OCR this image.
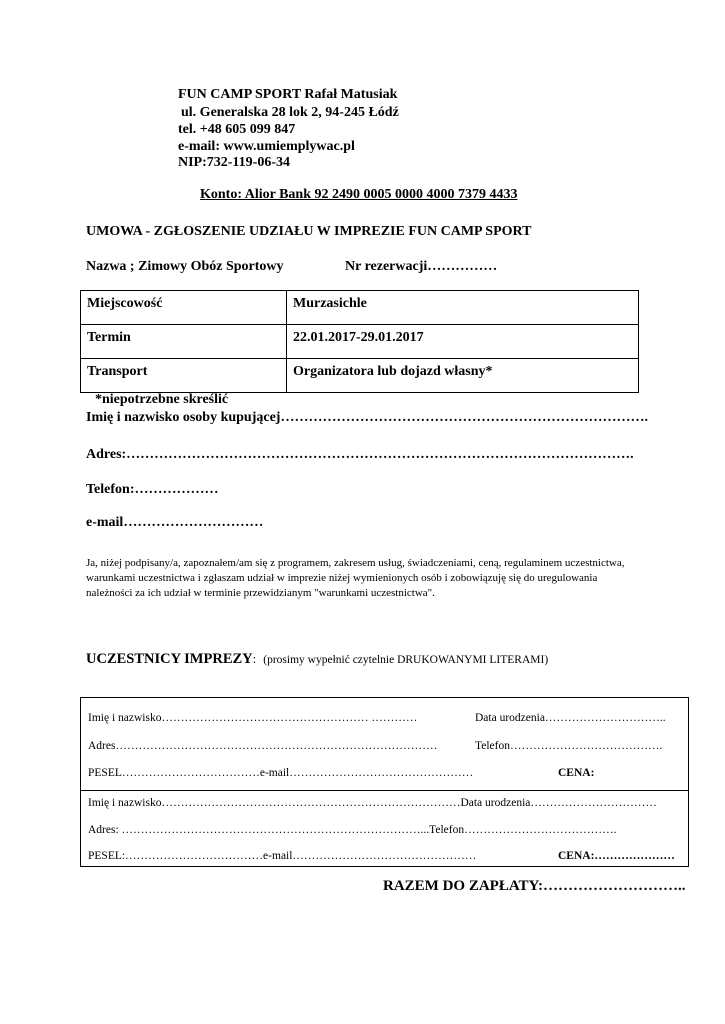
FUN CAMP SPORT Rafał Matusiak
ul. Generalska 28 lok 2, 94-245 Łódź
tel. +48 605 099 847
e-mail: www.umiemplywac.pl
NIP:732-119-06-34
Konto: Alior Bank 92 2490 0005 0000 4000 7379 4433
UMOWA - ZGŁOSZENIE UDZIAŁU W IMPREZIE FUN CAMP SPORT
Nazwa ; Zimowy Obóz Sportowy	Nr rezerwacji……………
Miejscowość	Murzasichle
Termin	22.01.2017-29.01.2017
Transport	Organizatora lub dojazd własny*
*niepotrzebne skreślić
Imię i nazwisko osoby kupującej…………………………………………………………………….
Adres:……………………………………………………………………………………………….
Telefon:………………
e-mail…………………………
Ja, niżej podpisany/a, zapoznałem/am się z programem, zakresem usług, świadczeniami, ceną, regulaminem uczestnictwa,
warunkami uczestnictwa i zgłaszam udział w imprezie niżej wymienionych osób i zobowiązuję się do uregulowania
należności za ich udział w terminie przewidzianym "warunkami uczestnictwa".
UCZESTNICY IMPREZY: (prosimy wypełnić czytelnie DRUKOWANYMI LITERAMI)
Imię i nazwisko……………………………………………… …………	Data urodzenia…………………………..
Adres…………………………………………………………………………	Telefon………………………………….
PESEL………………………………e-mail…………………………………………	CENA:
Imię i nazwisko……………………………………………………………………Data urodzenia……………………………
Adres: ……………………………………………………………………...Telefon………………………………….
PESEL:………………………………e-mail…………………………………………	CENA:…………………
RAZEM DO ZAPŁATY:………………………..
